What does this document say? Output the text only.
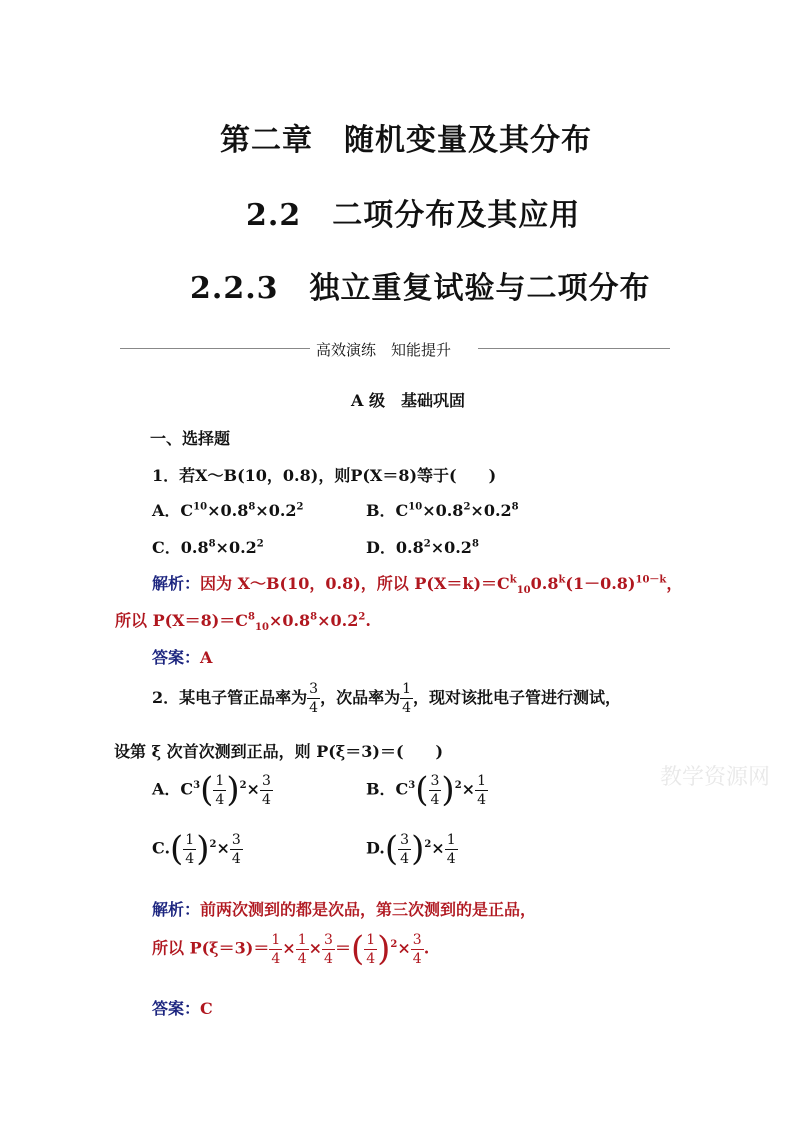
第二章　随机变量及其分布
2.2　二项分布及其应用
2.2.3　独立重复试验与二项分布
高效演练　知能提升
A 级　基础巩固
一、选择题
1．若X～B(10，0.8)，则P(X＝8)等于(　　)
A．$C^{10}\times 0.8^8\times 0.2^2$	B．$C^{10}\times 0.8^2\times 0.2^8$
C．$0.8^8\times 0.2^2$	D．$0.8^2\times 0.2^8$
解析：因为 X～B(10，0.8)，所以 $P(X=k)=C^k_{10}0.8^k(1-0.8)^{10-k}$，
所以 $P(X=8)=C^8_{10}\times 0.8^8\times 0.2^2$.
答案：A
2．某电子管正品率为 $\frac{3}{4}$ ，次品率为 $\frac{1}{4}$ ，现对该批电子管进行测试，
设第 ξ 次首次测到正品，则 P(ξ＝3)＝(　　)
A．$C^3( \frac{1}{4} )^2\times \frac{3}{4}$	B．$C^3( \frac{3}{4} )^2\times \frac{1}{4}$
$C.( \frac{1}{4} )^2\times \frac{3}{4}$	$D.( \frac{3}{4} )^2\times \frac{1}{4}$
解析：前两次测到的都是次品，第三次测到的是正品，
所以 $P(\xi=3)= \frac{1}{4} \times \frac{1}{4} \times \frac{3}{4}$ ＝( $\frac{1}{4} )^2\times \frac{3}{4}$ .
答案：C
教学资源网
